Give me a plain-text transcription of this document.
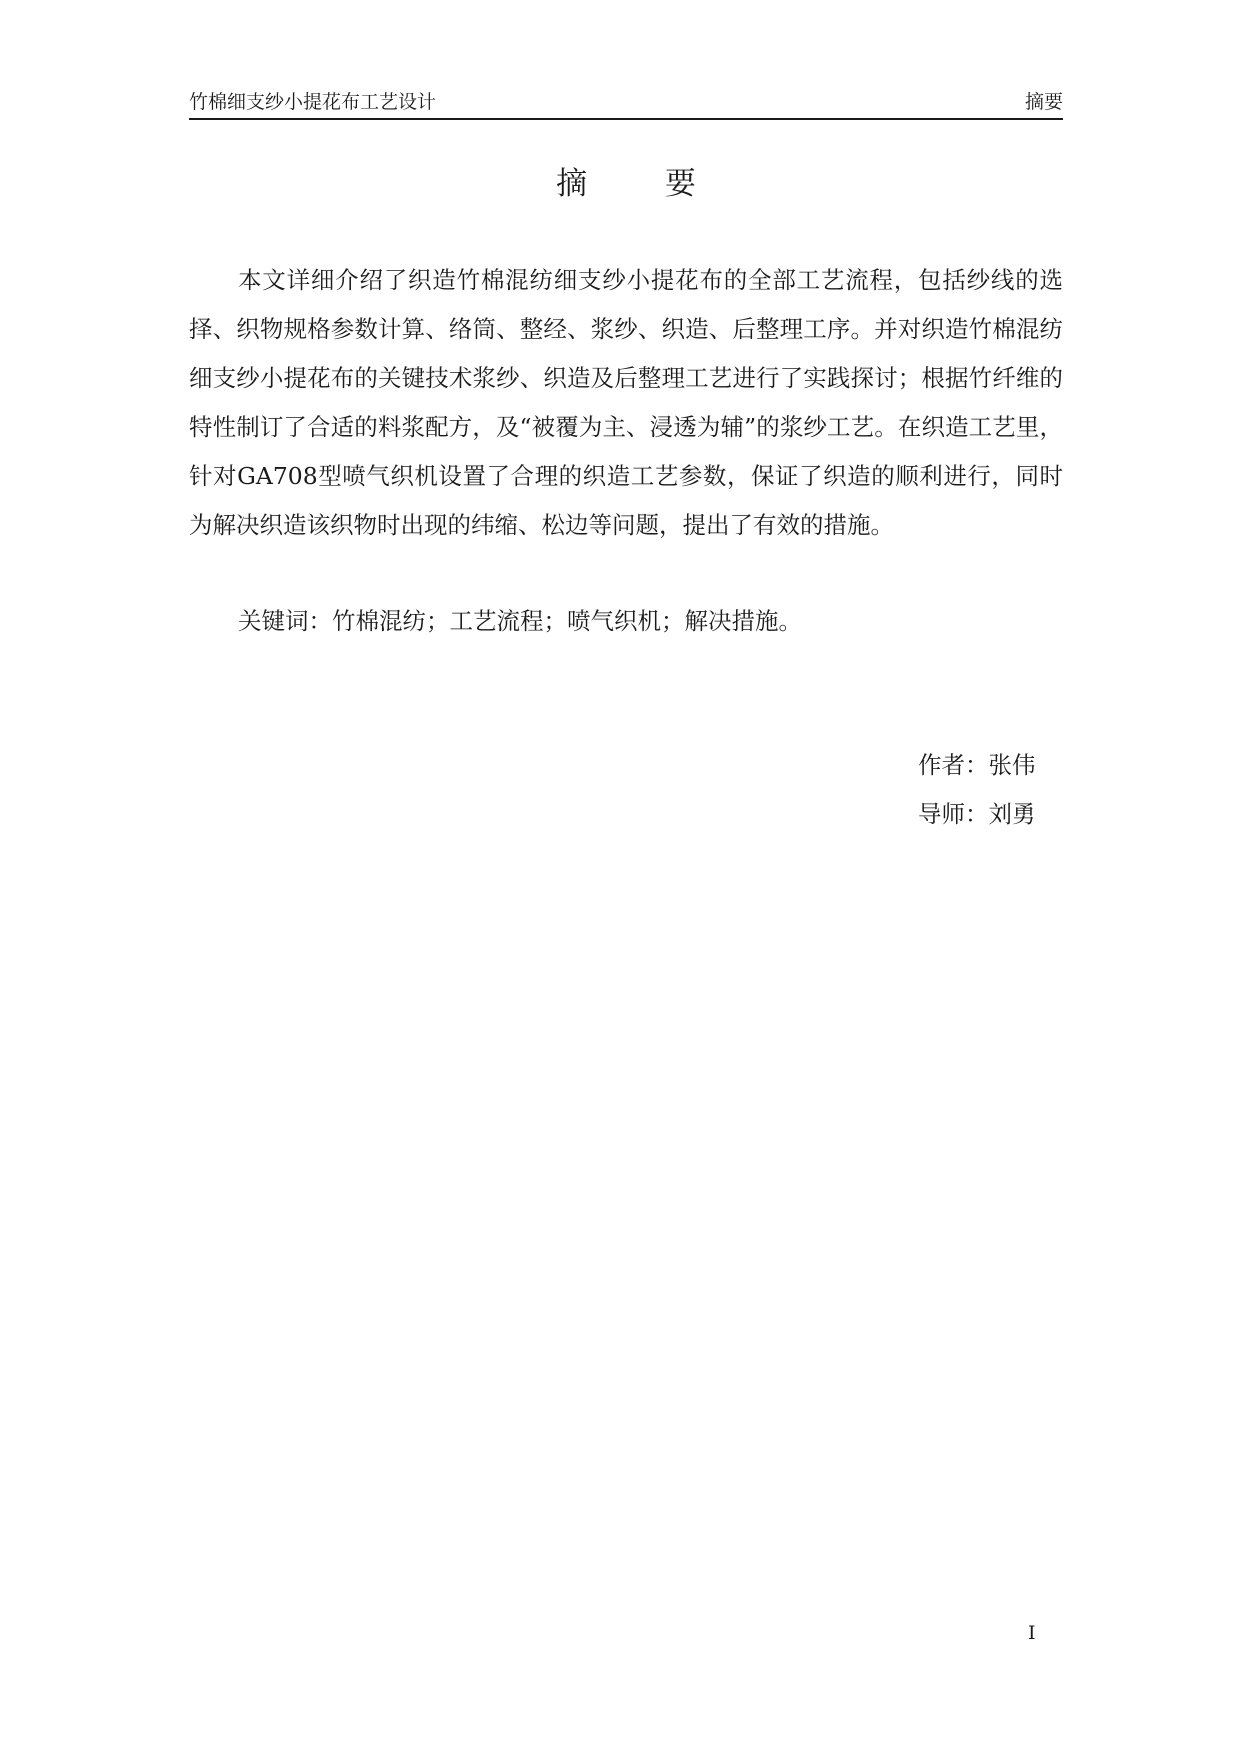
竹棉细支纱小提花布工艺设计	摘要
摘 要

本文详细介绍了织造竹棉混纺细支纱小提花布的全部工艺流程，包括纱线的选择、织物规格参数计算、络筒、整经、浆纱、织造、后整理工序。并对织造竹棉混纺细支纱小提花布的关键技术浆纱、织造及后整理工艺进行了实践探讨；根据竹纤维的特性制订了合适的料浆配方，及“被覆为主、浸透为辅”的浆纱工艺。在织造工艺里，针对GA708型喷气织机设置了合理的织造工艺参数，保证了织造的顺利进行，同时为解决织造该织物时出现的纬缩、松边等问题，提出了有效的措施。

关键词：竹棉混纺；工艺流程；喷气织机；解决措施。

作者：张伟
导师：刘勇
I
